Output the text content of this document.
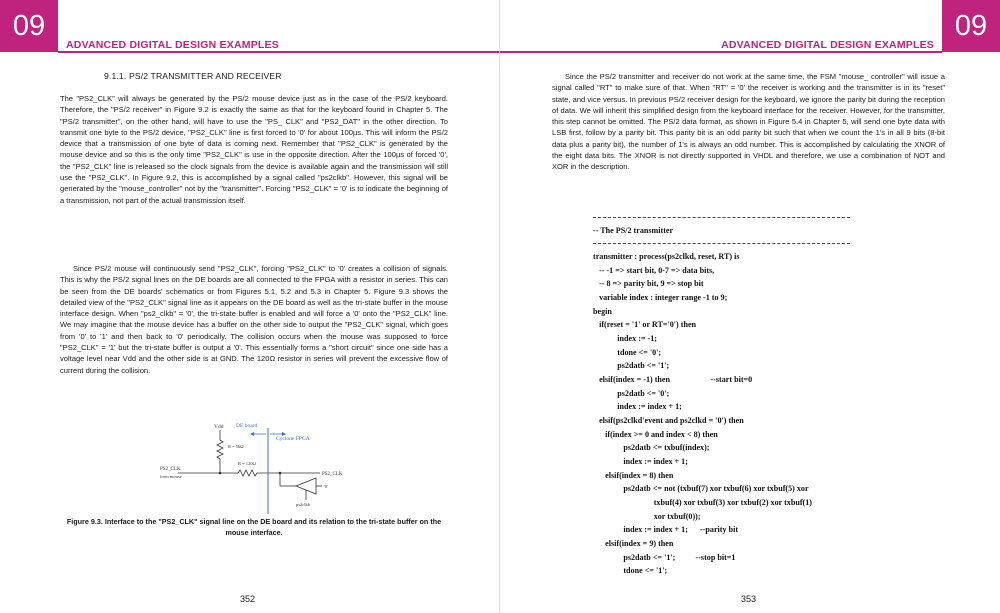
09
ADVANCED DIGITAL DESIGN EXAMPLES
9.1.1. PS/2 TRANSMITTER AND RECEIVER

The "PS2_CLK" will always be generated by the PS/2 mouse device just as in the case of the PS/2 keyboard. Therefore, the "PS/2 receiver" in Figure 9.2 is exactly the same as that for the keyboard found in Chapter 5. The "PS/2 transmitter", on the other hand, will have to use the "PS_ CLK" and "PS2_DAT" in the other direction. To transmit one byte to the PS/2 device, "PS2_CLK" line is first forced to '0' for about 100µs. This will inform the PS/2 device that a transmission of one byte of data is coming next. Remember that "PS2_CLK" is generated by the mouse device and so this is the only time "PS2_CLK" is use in the opposite direction. After the 100µs of forced '0', the "PS2_CLK" line is released so the clock signals from the device is available again and the transmission will still use the "PS2_CLK". In Figure 9.2, this is accomplished by a signal called "ps2clkb". However, this signal will be generated by the "mouse_controller" not by the "transmitter". Forcing "PS2_CLK" = '0' is to indicate the beginning of a transmission, not part of the actual transmission itself.

Since PS/2 mouse will continuously send "PS2_CLK", forcing "PS2_CLK" to '0' creates a collision of signals. This is why the PS/2 signal lines on the DE boards are all connected to the FPGA with a resistor in series. This can be seen from the DE boards' schematics or from Figures 5.1, 5.2 and 5.3 in Chapter 5. Figure 9.3 shows the detailed view of the "PS2_CLK" signal line as it appears on the DE board as well as the tri-state buffer in the mouse interface design. When "ps2_clkb" = '0', the tri-state buffer is enabled and will force a '0' onto the "PS2_CLK" line. We may imagine that the mouse device has a buffer on the other side to output the "PS2_CLK" signal, which goes from '0' to '1' and then back to '0' periodically. The collision occurs when the mouse was supposed to force "PS2_CLK" = '1' but the tri-state buffer is output a '0'. This essentially forms a "short circuit" since one side has a voltage level near Vdd and the other side is at GND. The 120Ω resistor in series will prevent the excessive flow of current during the collision.

Vdd
R = 5kΩ
PS2_CLK
from mouse
R = 120Ω
PS2_CLK
'0'
ps2clkb
DE board
Cyclone FPGA
Figure 9.3. Interface to the "PS2_CLK" signal line on the DE board and its relation to the tri-state buffer on the mouse interface.
352
09
ADVANCED DIGITAL DESIGN EXAMPLES
353

Since the PS/2 transmitter and receiver do not work at the same time, the FSM "mouse_ controller" will issue a signal called "RT" to make sure of that. When "RT" = '0' the receiver is working and the transmitter is in its "reset" state, and vice versus. In previous PS/2 receiver design for the keyboard, we ignore the parity bit during the reception of data. We will inherit this simplified design from the keyboard interface for the receiver. However, for the transmitter, this step cannot be omitted. The PS/2 data format, as shown in Figure 5.4 in Chapter 5, will send one byte data with LSB first, follow by a parity bit. This parity bit is an odd parity bit such that when we count the 1's in all 9 bits (8-bit data plus a parity bit), the number of 1's is always an odd number. This is accomplished by calculating the XNOR of the eight data bits. The XNOR is not directly supported in VHDL and therefore, we use a combination of NOT and XOR in the description.

-- The PS/2 transmitter
transmitter : process(ps2clkd, reset, RT) is
-- -1 => start bit, 0-7 => data bits,
-- 8 => parity bit, 9 => stop bit
variable index : integer range -1 to 9;
begin
if(reset = '1' or RT='0') then
index := -1;
tdone <= '0';
ps2datb <= '1';
elsif(index = -1) then                    --start bit=0
ps2datb <= '0';
index := index + 1;
elsif(ps2clkd'event and ps2clkd = '0') then
if(index >= 0 and index < 8) then
ps2datb <= txbuf(index);
index := index + 1;
elsif(index = 8) then
ps2datb <= not (txbuf(7) xor txbuf(6) xor txbuf(5) xor
txbuf(4) xor txbuf(3) xor txbuf(2) xor txbuf(1)
xor txbuf(0));
index := index + 1;      --parity bit
elsif(index = 9) then
ps2datb <= '1';          --stop bit=1
tdone <= '1';
